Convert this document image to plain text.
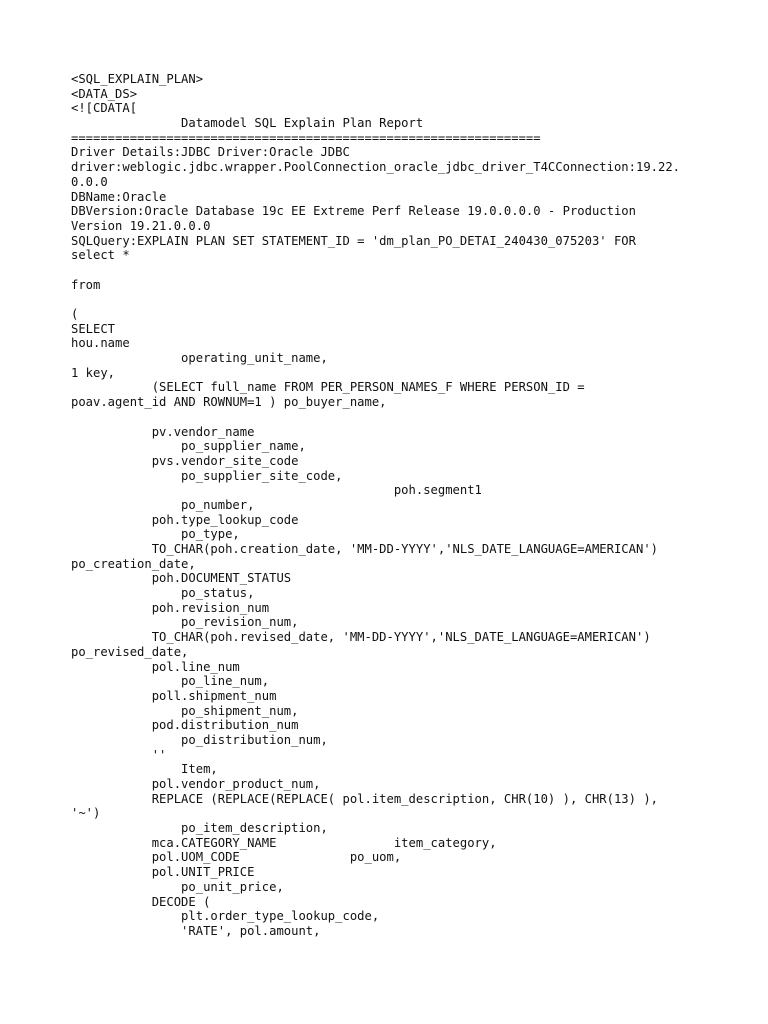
<SQL_EXPLAIN_PLAN>
<DATA_DS>
<![CDATA[
Datamodel SQL Explain Plan Report
================================================================
Driver Details:JDBC Driver:Oracle JDBC
driver:weblogic.jdbc.wrapper.PoolConnection_oracle_jdbc_driver_T4CConnection:19.22.
0.0.0
DBName:Oracle
DBVersion:Oracle Database 19c EE Extreme Perf Release 19.0.0.0.0 - Production
Version 19.21.0.0.0
SQLQuery:EXPLAIN PLAN SET STATEMENT_ID = 'dm_plan_PO_DETAI_240430_075203' FOR
select *
from
(
SELECT
hou.name
operating_unit_name,
1 key,
(SELECT full_name FROM PER_PERSON_NAMES_F WHERE PERSON_ID =
poav.agent_id AND ROWNUM=1 ) po_buyer_name,
pv.vendor_name
po_supplier_name,
pvs.vendor_site_code
po_supplier_site_code,
poh.segment1
po_number,
poh.type_lookup_code
po_type,
TO_CHAR(poh.creation_date, 'MM-DD-YYYY','NLS_DATE_LANGUAGE=AMERICAN')
po_creation_date,
poh.DOCUMENT_STATUS
po_status,
poh.revision_num
po_revision_num,
TO_CHAR(poh.revised_date, 'MM-DD-YYYY','NLS_DATE_LANGUAGE=AMERICAN')
po_revised_date,
pol.line_num
po_line_num,
poll.shipment_num
po_shipment_num,
pod.distribution_num
po_distribution_num,
''
Item,
pol.vendor_product_num,
REPLACE (REPLACE(REPLACE( pol.item_description, CHR(10) ), CHR(13) ),
'~')
po_item_description,
mca.CATEGORY_NAME                item_category,
pol.UOM_CODE               po_uom,
pol.UNIT_PRICE
po_unit_price,
DECODE (
plt.order_type_lookup_code,
'RATE', pol.amount,
